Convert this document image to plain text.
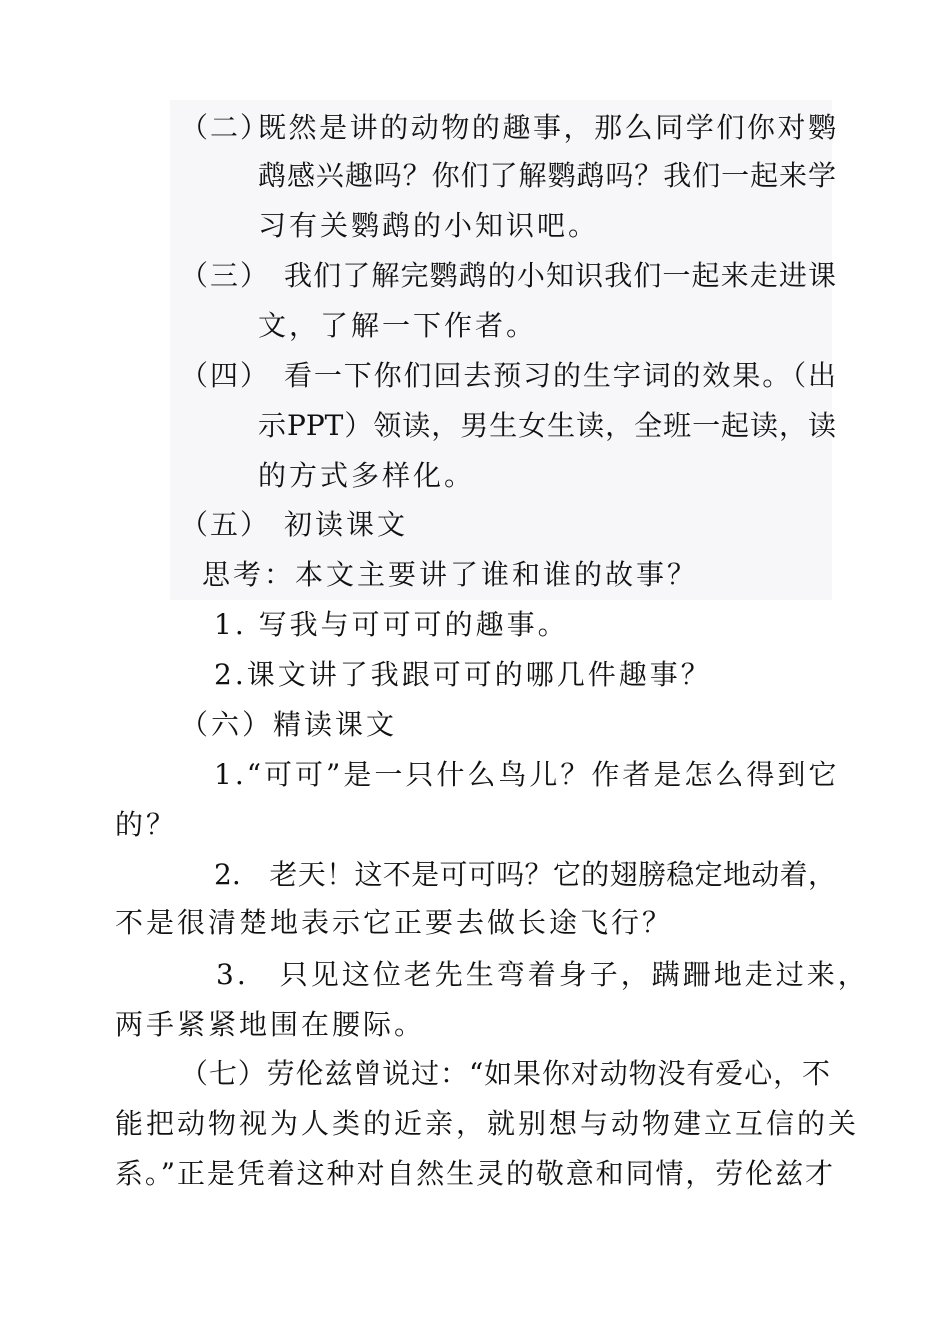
（二）
既然是讲的动物的趣事，那么同学们你对鹦
鹉感兴趣吗？你们了解鹦鹉吗？我们一起来学
习有关鹦鹉的小知识吧。
（三） 我们了解完鹦鹉的小知识我们一起来走进课
文，了解一下作者。
（四） 看一下你们回去预习的生字词的效果。（出
示PPT）领读，男生女生读，全班一起读，读
的方式多样化。
（五） 初读课文
思考：本文主要讲了谁和谁的故事？
1. 写我与可可可的趣事。
2.课文讲了我跟可可的哪几件趣事？
（六）精读课文
1.“可可”是一只什么鸟儿？作者是怎么得到它
的？
2.　老天！这不是可可吗？它的翅膀稳定地动着，
不是很清楚地表示它正要去做长途飞行？
3.　只见这位老先生弯着身子，蹒跚地走过来，
两手紧紧地围在腰际。
（七）劳伦兹曾说过：“如果你对动物没有爱心，不
能把动物视为人类的近亲，就别想与动物建立互信的关
系。”正是凭着这种对自然生灵的敬意和同情，劳伦兹才
